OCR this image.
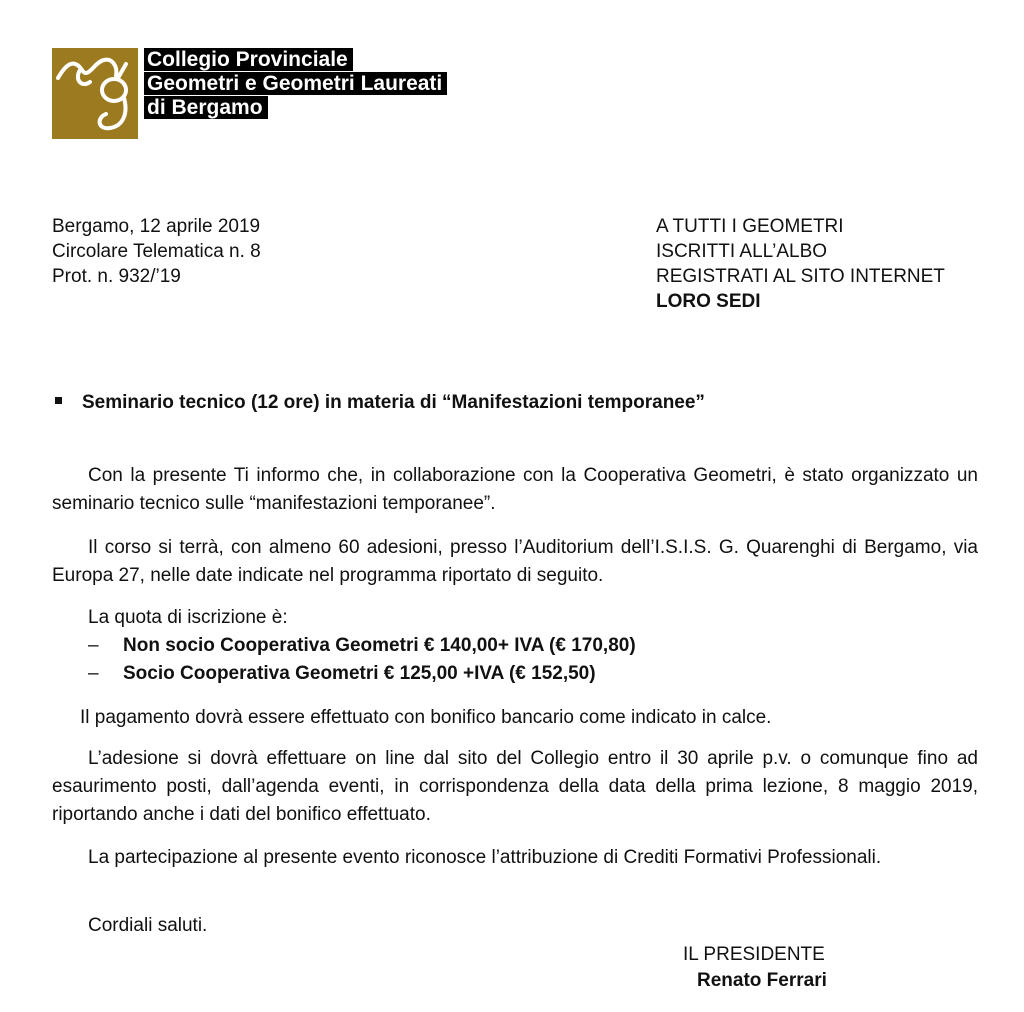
Collegio Provinciale
Geometri e Geometri Laureati
di Bergamo
Bergamo, 12 aprile 2019
Circolare Telematica n. 8
Prot. n. 932/’19
A TUTTI I GEOMETRI
ISCRITTI ALL’ALBO
REGISTRATI AL SITO INTERNET
LORO SEDI
Seminario tecnico (12 ore) in materia di “Manifestazioni temporanee”

Con la presente Ti informo che, in collaborazione con la Cooperativa Geometri, è stato organizzato un seminario tecnico sulle “manifestazioni temporanee”.

Il corso si terrà, con almeno 60 adesioni, presso l’Auditorium dell’I.S.I.S. G. Quarenghi di Bergamo, via Europa 27, nelle date indicate nel programma riportato di seguito.

La quota di iscrizione è:

– Non socio Cooperativa Geometri € 140,00+ IVA (€ 170,80)

– Socio Cooperativa Geometri € 125,00 +IVA (€ 152,50)

Il pagamento dovrà essere effettuato con bonifico bancario come indicato in calce.

L’adesione si dovrà effettuare on line dal sito del Collegio entro il 30 aprile p.v. o comunque fino ad esaurimento posti, dall’agenda eventi, in corrispondenza della data della prima lezione, 8 maggio 2019, riportando anche i dati del bonifico effettuato.

La partecipazione al presente evento riconosce l’attribuzione di Crediti Formativi Professionali.

Cordiali saluti.

IL PRESIDENTE
Renato Ferrari
